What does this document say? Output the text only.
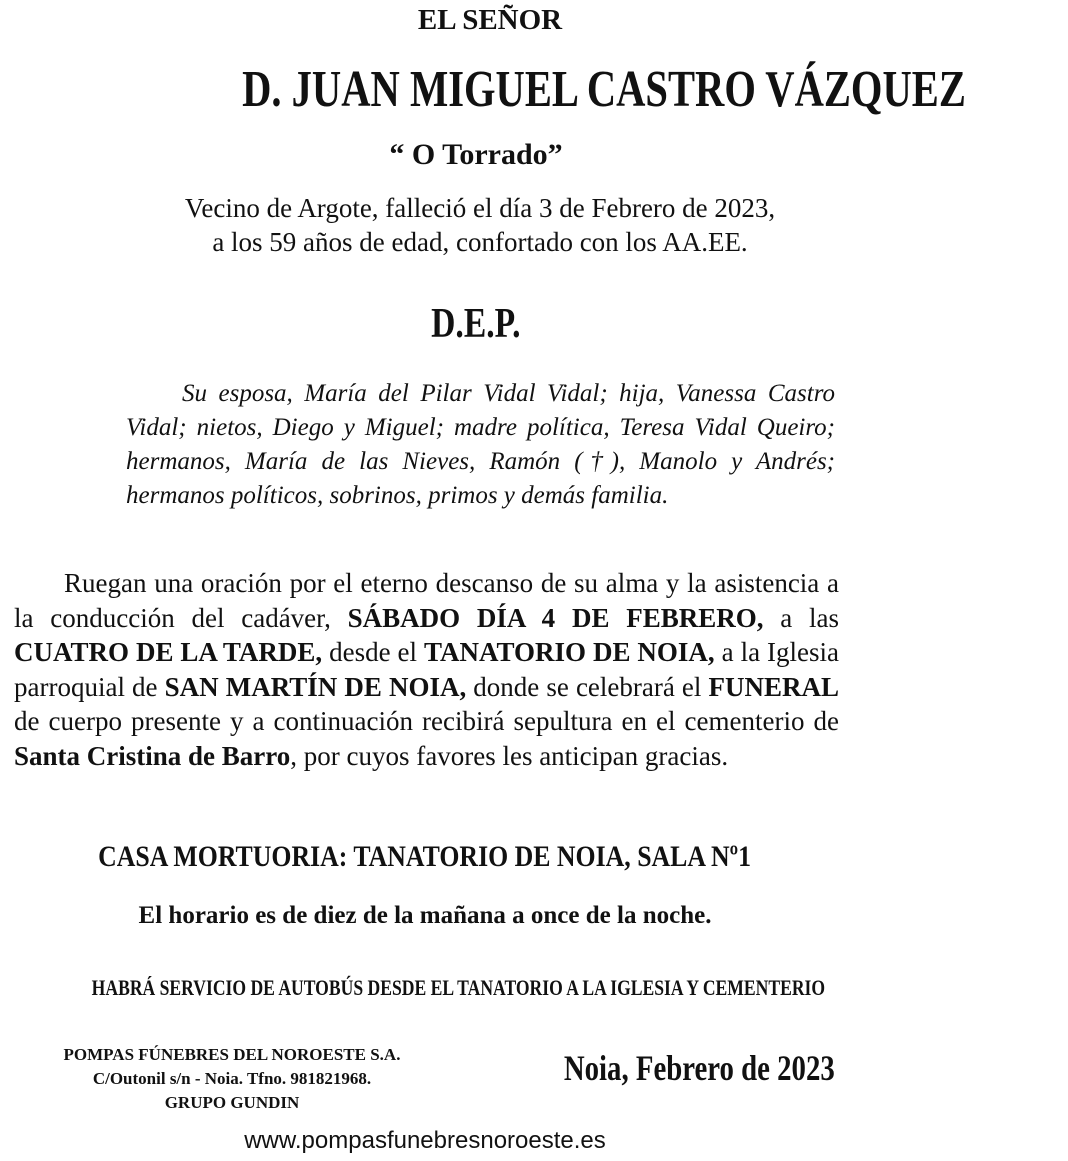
EL SEÑOR
D. JUAN MIGUEL CASTRO VÁZQUEZ
“ O Torrado”
Vecino de Argote, falleció el día 3 de Febrero de 2023,
a los 59 años de edad, confortado con los AA.EE.
D.E.P.

Su esposa, María del Pilar Vidal Vidal; hija, Vanessa Castro Vidal; nietos, Diego y Miguel; madre política, Teresa Vidal Queiro; hermanos, María de las Nieves, Ramón (†), Manolo y Andrés; hermanos políticos, sobrinos, primos y demás familia.

Ruegan una oración por el eterno descanso de su alma y la asistencia a la conducción del cadáver, SÁBADO DÍA 4 DE FEBRERO, a las CUATRO DE LA TARDE, desde el TANATORIO DE NOIA, a la Iglesia parroquial de SAN MARTÍN DE NOIA, donde se celebrará el FUNERAL de cuerpo presente y a continuación recibirá sepultura en el cementerio de Santa Cristina de Barro, por cuyos favores les anticipan gracias.

CASA MORTUORIA: TANATORIO DE NOIA, SALA Nº1
El horario es de diez de la mañana a once de la noche.
HABRÁ SERVICIO DE AUTOBÚS DESDE EL TANATORIO A LA IGLESIA Y CEMENTERIO
POMPAS FÚNEBRES DEL NOROESTE S.A.
C/Outonil s/n - Noia. Tfno. 981821968.
GRUPO GUNDIN
Noia, Febrero de 2023
www.pompasfunebresnoroeste.es
